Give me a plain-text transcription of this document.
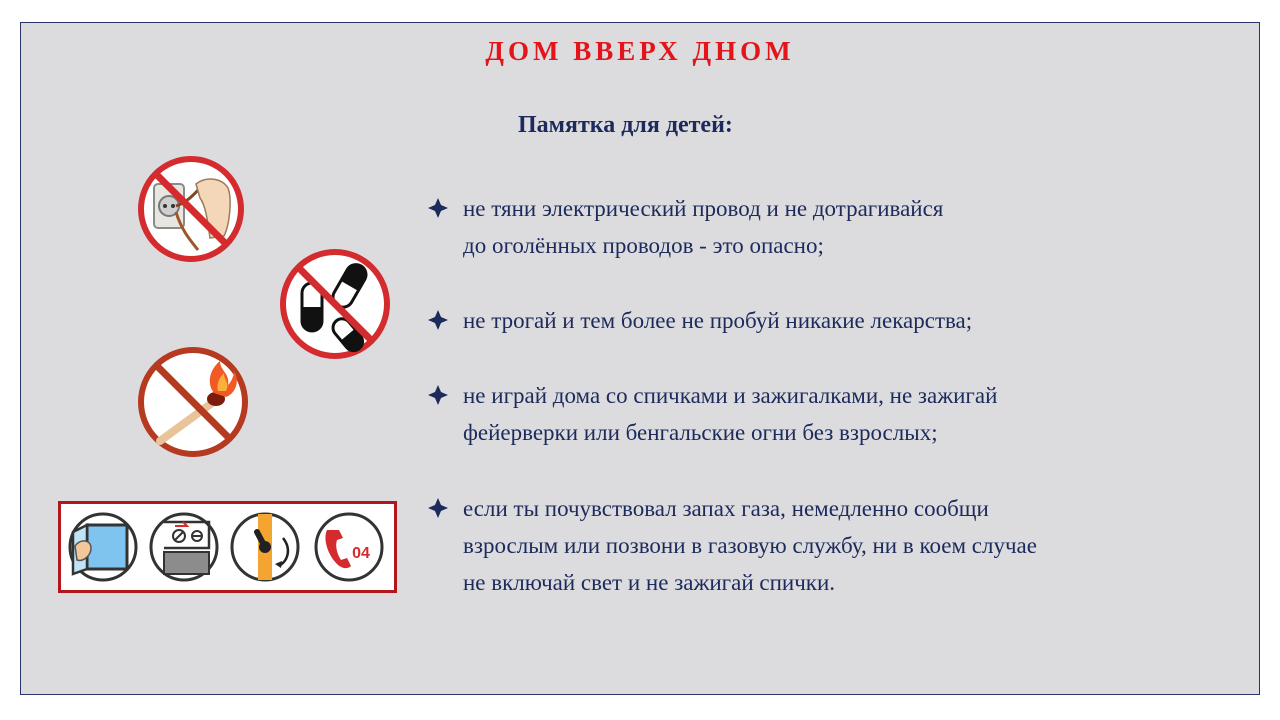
ДОМ ВВЕРХ ДНОМ
Памятка для детей:
04
не тяни электрический провод и не дотрагивайся
до оголённых проводов - это опасно;
не трогай и тем более не пробуй никакие лекарства;
не играй дома со спичками и зажигалками, не зажигай
фейерверки или бенгальские огни без взрослых;
если ты почувствовал запах газа, немедленно сообщи
взрослым или позвони в газовую службу, ни в коем случае
не включай свет и не зажигай спички.
